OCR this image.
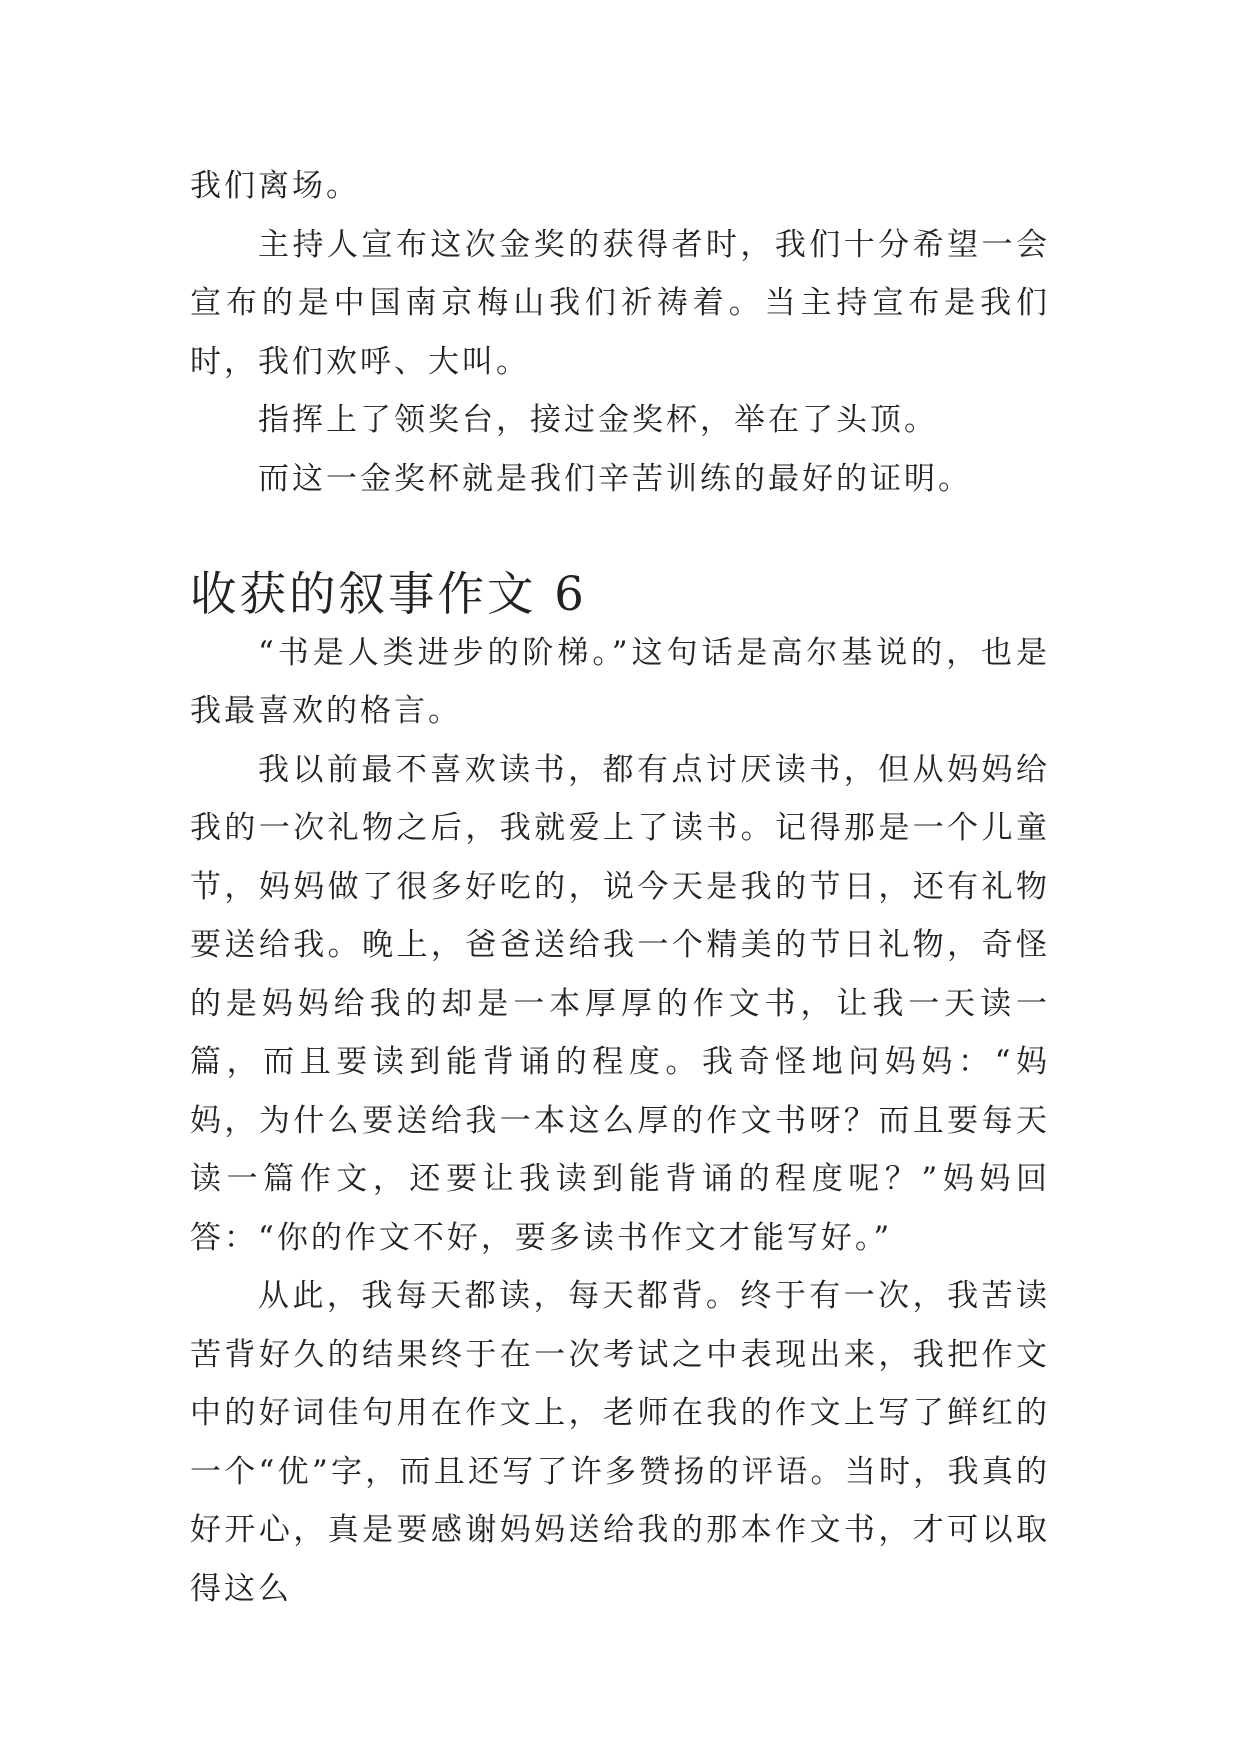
我们离场。

主持人宣布这次金奖的获得者时，我们十分希望一会宣布的是中国南京梅山我们祈祷着。当主持宣布是我们时，我们欢呼、大叫。

指挥上了领奖台，接过金奖杯，举在了头顶。

而这一金奖杯就是我们辛苦训练的最好的证明。

收获的叙事作文 6

“书是人类进步的阶梯。”这句话是高尔基说的，也是我最喜欢的格言。

我以前最不喜欢读书，都有点讨厌读书，但从妈妈给我的一次礼物之后，我就爱上了读书。记得那是一个儿童节，妈妈做了很多好吃的，说今天是我的节日，还有礼物要送给我。晚上，爸爸送给我一个精美的节日礼物，奇怪的是妈妈给我的却是一本厚厚的作文书，让我一天读一篇，而且要读到能背诵的程度。我奇怪地问妈妈：“妈妈，为什么要送给我一本这么厚的作文书呀？而且要每天读一篇作文，还要让我读到能背诵的程度呢？”妈妈回答：“你的作文不好，要多读书作文才能写好。”

从此，我每天都读，每天都背。终于有一次，我苦读苦背好久的结果终于在一次考试之中表现出来，我把作文中的好词佳句用在作文上，老师在我的作文上写了鲜红的一个“优”字，而且还写了许多赞扬的评语。当时，我真的好开心，真是要感谢妈妈送给我的那本作文书，才可以取得这么
